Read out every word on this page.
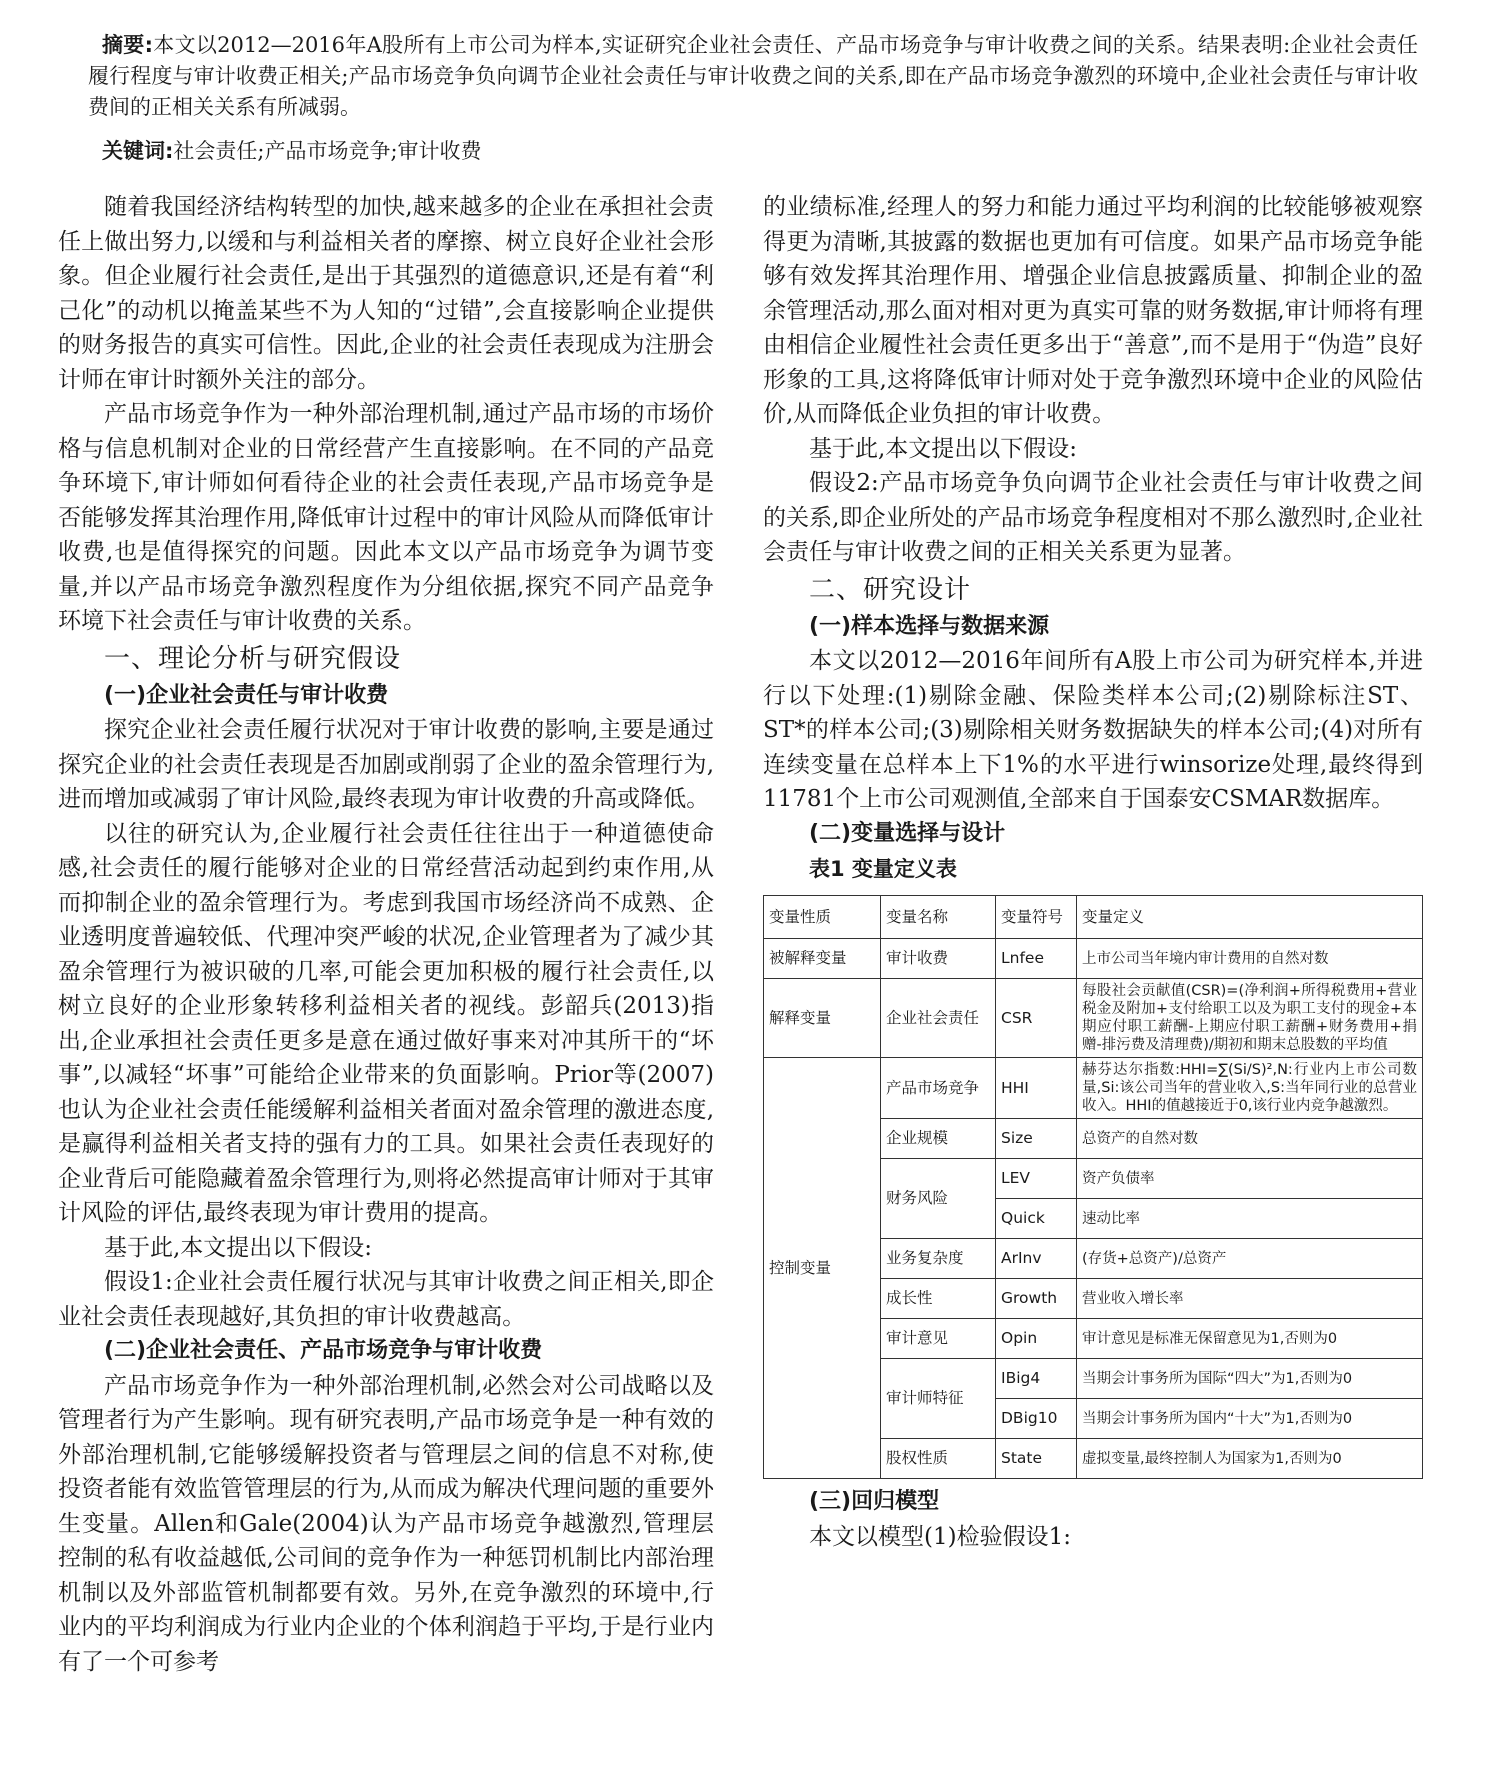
摘要:本文以2012—2016年A股所有上市公司为样本,实证研究企业社会责任、产品市场竞争与审计收费之间的关系。结果表明:企业社会责任履行程度与审计收费正相关;产品市场竞争负向调节企业社会责任与审计收费之间的关系,即在产品市场竞争激烈的环境中,企业社会责任与审计收费间的正相关关系有所减弱。
关键词:社会责任;产品市场竞争;审计收费

随着我国经济结构转型的加快,越来越多的企业在承担社会责任上做出努力,以缓和与利益相关者的摩擦、树立良好企业社会形象。但企业履行社会责任,是出于其强烈的道德意识,还是有着“利己化”的动机以掩盖某些不为人知的“过错”,会直接影响企业提供的财务报告的真实可信性。因此,企业的社会责任表现成为注册会计师在审计时额外关注的部分。

产品市场竞争作为一种外部治理机制,通过产品市场的市场价格与信息机制对企业的日常经营产生直接影响。在不同的产品竞争环境下,审计师如何看待企业的社会责任表现,产品市场竞争是否能够发挥其治理作用,降低审计过程中的审计风险从而降低审计收费,也是值得探究的问题。因此本文以产品市场竞争为调节变量,并以产品市场竞争激烈程度作为分组依据,探究不同产品竞争环境下社会责任与审计收费的关系。

一、理论分析与研究假设
(一)企业社会责任与审计收费

探究企业社会责任履行状况对于审计收费的影响,主要是通过探究企业的社会责任表现是否加剧或削弱了企业的盈余管理行为,进而增加或减弱了审计风险,最终表现为审计收费的升高或降低。

以往的研究认为,企业履行社会责任往往出于一种道德使命感,社会责任的履行能够对企业的日常经营活动起到约束作用,从而抑制企业的盈余管理行为。考虑到我国市场经济尚不成熟、企业透明度普遍较低、代理冲突严峻的状况,企业管理者为了减少其盈余管理行为被识破的几率,可能会更加积极的履行社会责任,以树立良好的企业形象转移利益相关者的视线。彭韶兵(2013)指出,企业承担社会责任更多是意在通过做好事来对冲其所干的“坏事”,以减轻“坏事”可能给企业带来的负面影响。Prior等(2007)也认为企业社会责任能缓解利益相关者面对盈余管理的激进态度,是赢得利益相关者支持的强有力的工具。如果社会责任表现好的企业背后可能隐藏着盈余管理行为,则将必然提高审计师对于其审计风险的评估,最终表现为审计费用的提高。

基于此,本文提出以下假设:

假设1:企业社会责任履行状况与其审计收费之间正相关,即企业社会责任表现越好,其负担的审计收费越高。

(二)企业社会责任、产品市场竞争与审计收费

产品市场竞争作为一种外部治理机制,必然会对公司战略以及管理者行为产生影响。现有研究表明,产品市场竞争是一种有效的外部治理机制,它能够缓解投资者与管理层之间的信息不对称,使投资者能有效监管管理层的行为,从而成为解决代理问题的重要外生变量。Allen和Gale(2004)认为产品市场竞争越激烈,管理层控制的私有收益越低,公司间的竞争作为一种惩罚机制比内部治理机制以及外部监管机制都要有效。另外,在竞争激烈的环境中,行业内的平均利润成为行业内企业的个体利润趋于平均,于是行业内有了一个可参考

的业绩标准,经理人的努力和能力通过平均利润的比较能够被观察得更为清晰,其披露的数据也更加有可信度。如果产品市场竞争能够有效发挥其治理作用、增强企业信息披露质量、抑制企业的盈余管理活动,那么面对相对更为真实可靠的财务数据,审计师将有理由相信企业履性社会责任更多出于“善意”,而不是用于“伪造”良好形象的工具,这将降低审计师对处于竞争激烈环境中企业的风险估价,从而降低企业负担的审计收费。

基于此,本文提出以下假设:

假设2:产品市场竞争负向调节企业社会责任与审计收费之间的关系,即企业所处的产品市场竞争程度相对不那么激烈时,企业社会责任与审计收费之间的正相关关系更为显著。

二、研究设计
(一)样本选择与数据来源

本文以2012—2016年间所有A股上市公司为研究样本,并进行以下处理:(1)剔除金融、保险类样本公司;(2)剔除标注ST、ST*的样本公司;(3)剔除相关财务数据缺失的样本公司;(4)对所有连续变量在总样本上下1%的水平进行winsorize处理,最终得到11781个上市公司观测值,全部来自于国泰安CSMAR数据库。

(二)变量选择与设计
表1 变量定义表
变量性质	变量名称	变量符号	变量定义
被解释变量	审计收费	Lnfee	上市公司当年境内审计费用的自然对数
解释变量	企业社会责任	CSR	每股社会贡献值(CSR)=(净利润+所得税费用+营业税金及附加+支付给职工以及为职工支付的现金+本期应付职工薪酬-上期应付职工薪酬+财务费用+捐赠-排污费及清理费)/期初和期末总股数的平均值
控制变量	产品市场竞争	HHI	赫芬达尔指数:HHI=∑(Si/S)²,N:行业内上市公司数量,Si:该公司当年的营业收入,S:当年同行业的总营业收入。HHI的值越接近于0,该行业内竞争越激烈。
	企业规模	Size	总资产的自然对数
	财务风险	LEV	资产负债率
		Quick	速动比率
	业务复杂度	ArInv	(存货+总资产)/总资产
	成长性	Growth	营业收入增长率
	审计意见	Opin	审计意见是标准无保留意见为1,否则为0
	审计师特征	IBig4	当期会计事务所为国际“四大”为1,否则为0
		DBig10	当期会计事务所为国内“十大”为1,否则为0
	股权性质	State	虚拟变量,最终控制人为国家为1,否则为0
(三)回归模型

本文以模型(1)检验假设1:
